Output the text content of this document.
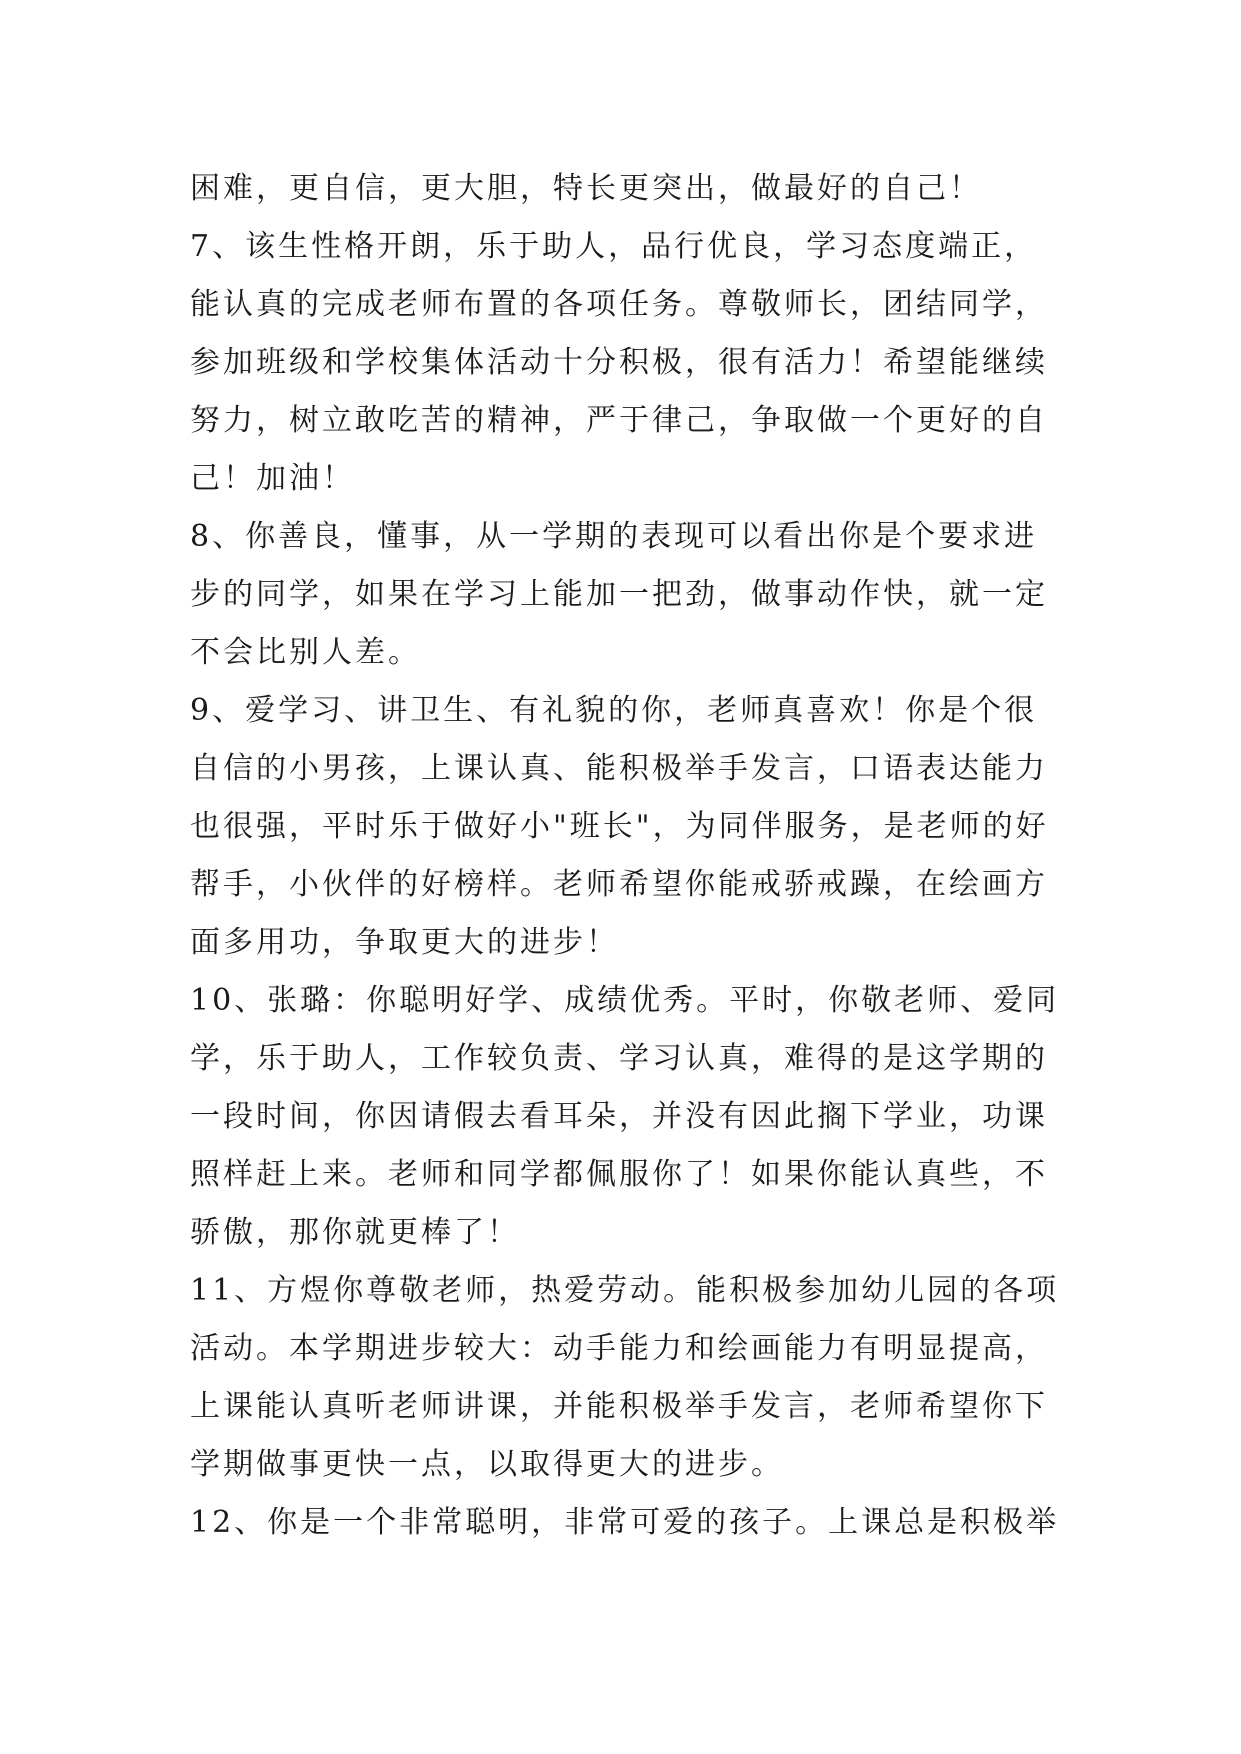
困难，更自信，更大胆，特长更突出，做最好的自己！
7、该生性格开朗，乐于助人，品行优良，学习态度端正，
能认真的完成老师布置的各项任务。尊敬师长，团结同学，
参加班级和学校集体活动十分积极，很有活力！希望能继续
努力，树立敢吃苦的精神，严于律己，争取做一个更好的自
己！加油！
8、你善良，懂事，从一学期的表现可以看出你是个要求进
步的同学，如果在学习上能加一把劲，做事动作快，就一定
不会比别人差。
9、爱学习、讲卫生、有礼貌的你，老师真喜欢！你是个很
自信的小男孩，上课认真、能积极举手发言，口语表达能力
也很强，平时乐于做好小"班长"，为同伴服务，是老师的好
帮手，小伙伴的好榜样。老师希望你能戒骄戒躁，在绘画方
面多用功，争取更大的进步！
10、张璐：你聪明好学、成绩优秀。平时，你敬老师、爱同
学，乐于助人，工作较负责、学习认真，难得的是这学期的
一段时间，你因请假去看耳朵，并没有因此搁下学业，功课
照样赶上来。老师和同学都佩服你了！如果你能认真些，不
骄傲，那你就更棒了！
11、方煜你尊敬老师，热爱劳动。能积极参加幼儿园的各项
活动。本学期进步较大：动手能力和绘画能力有明显提高，
上课能认真听老师讲课，并能积极举手发言，老师希望你下
学期做事更快一点，以取得更大的进步。
12、你是一个非常聪明，非常可爱的孩子。上课总是积极举
